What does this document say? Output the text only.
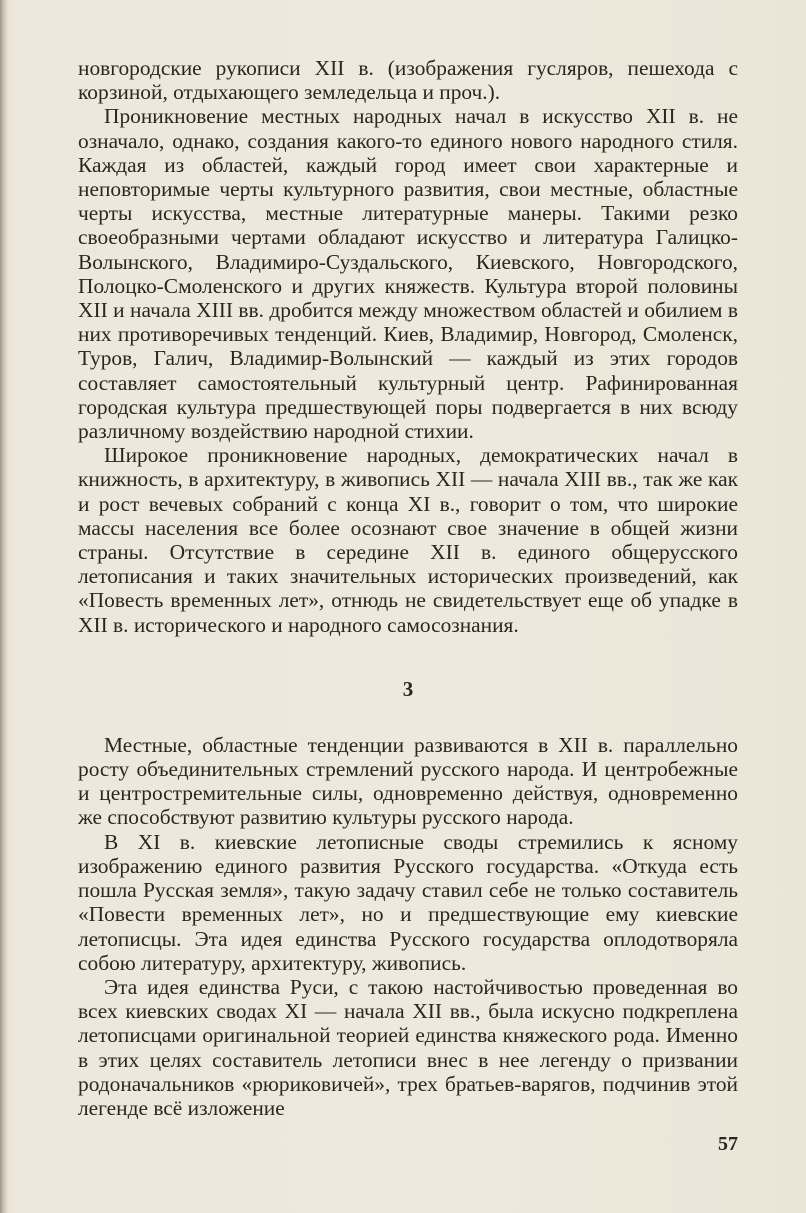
новгородские рукописи XII в. (изображения гусляров, пешехода с корзиной, отдыхающего земледельца и проч.).

Проникновение местных народных начал в искусство XII в. не означало, однако, создания какого-то единого нового народного стиля. Каждая из областей, каждый город имеет свои характерные и неповторимые черты культурного развития, свои местные, областные черты искусства, местные литературные манеры. Такими резко своеобразными чертами обладают искусство и литература Галицко-Волынского, Владимиро-Суздальского, Киевского, Новгородского, Полоцко-Смоленского и других княжеств. Культура второй половины XII и начала XIII вв. дробится между множеством областей и обилием в них противоречивых тенденций. Киев, Владимир, Новгород, Смоленск, Туров, Галич, Владимир-Волынский — каждый из этих городов составляет самостоятельный культурный центр. Рафинированная городская культура предшествующей поры подвергается в них всюду различному воздействию народной стихии.

Широкое проникновение народных, демократических начал в книжность, в архитектуру, в живопись XII — начала XIII вв., так же как и рост вечевых собраний с конца XI в., говорит о том, что широкие массы населения все более осознают свое значение в общей жизни страны. Отсутствие в середине XII в. единого общерусского летописания и таких значительных исторических произведений, как «Повесть временных лет», отнюдь не свидетельствует еще об упадке в XII в. исторического и народного самосознания.

3

Местные, областные тенденции развиваются в XII в. параллельно росту объединительных стремлений русского народа. И центробежные и центростремительные силы, одновременно действуя, одновременно же способствуют развитию культуры русского народа.

В XI в. киевские летописные своды стремились к ясному изображению единого развития Русского государства. «Откуда есть пошла Русская земля», такую задачу ставил себе не только составитель «Повести временных лет», но и предшествующие ему киевские летописцы. Эта идея единства Русского государства оплодотворяла собою литературу, архитектуру, живопись.

Эта идея единства Руси, с такою настойчивостью проведенная во всех киевских сводах XI — начала XII вв., была искусно подкреплена летописцами оригинальной теорией единства княжеского рода. Именно в этих целях составитель летописи внес в нее легенду о призвании родоначальников «рюриковичей», трех братьев-варягов, подчинив этой легенде всё изложение

57
